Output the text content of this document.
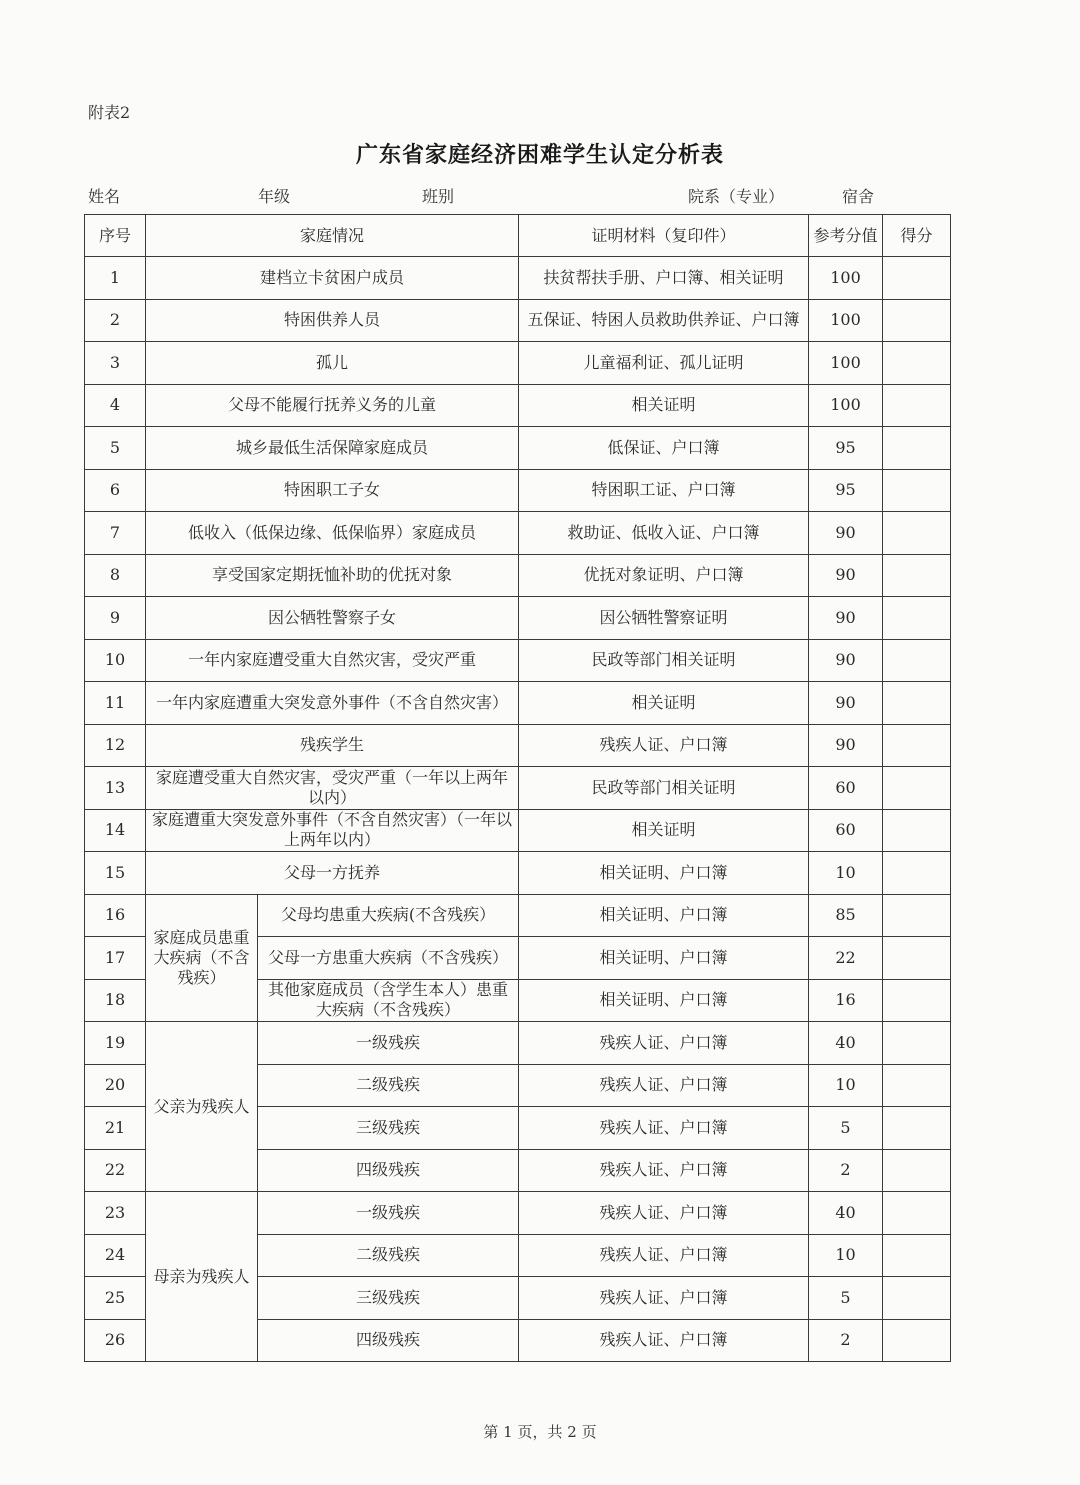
附表2
广东省家庭经济困难学生认定分析表
姓名	年级	班别	院系（专业）	宿舍
序号	家庭情况		证明材料（复印件）	参考分值	得分
1	建档立卡贫困户成员		扶贫帮扶手册、户口簿、相关证明	100	
2	特困供养人员		五保证、特困人员救助供养证、户口簿	100	
3	孤儿		儿童福利证、孤儿证明	100	
4	父母不能履行抚养义务的儿童		相关证明	100	
5	城乡最低生活保障家庭成员		低保证、户口簿	95	
6	特困职工子女		特困职工证、户口簿	95	
7	低收入（低保边缘、低保临界）家庭成员		救助证、低收入证、户口簿	90	
8	享受国家定期抚恤补助的优抚对象		优抚对象证明、户口簿	90	
9	因公牺牲警察子女		因公牺牲警察证明	90	
10	一年内家庭遭受重大自然灾害，受灾严重		民政等部门相关证明	90	
11	一年内家庭遭重大突发意外事件（不含自然灾害）		相关证明	90	
12	残疾学生		残疾人证、户口簿	90	
13	家庭遭受重大自然灾害，受灾严重（一年以上两年以内）		民政等部门相关证明	60	
14	家庭遭重大突发意外事件（不含自然灾害）（一年以上两年以内）		相关证明	60	
15	父母一方抚养		相关证明、户口簿	10	
16	家庭成员患重大疾病（不含残疾）	父母均患重大疾病(不含残疾）	相关证明、户口簿	85	
17		父母一方患重大疾病（不含残疾）	相关证明、户口簿	22	
18		其他家庭成员（含学生本人）患重大疾病（不含残疾）	相关证明、户口簿	16	
19	父亲为残疾人	一级残疾	残疾人证、户口簿	40	
20		二级残疾	残疾人证、户口簿	10	
21		三级残疾	残疾人证、户口簿	5	
22		四级残疾	残疾人证、户口簿	2	
23	母亲为残疾人	一级残疾	残疾人证、户口簿	40	
24		二级残疾	残疾人证、户口簿	10	
25		三级残疾	残疾人证、户口簿	5	
26		四级残疾	残疾人证、户口簿	2	
第 1 页，共 2 页
